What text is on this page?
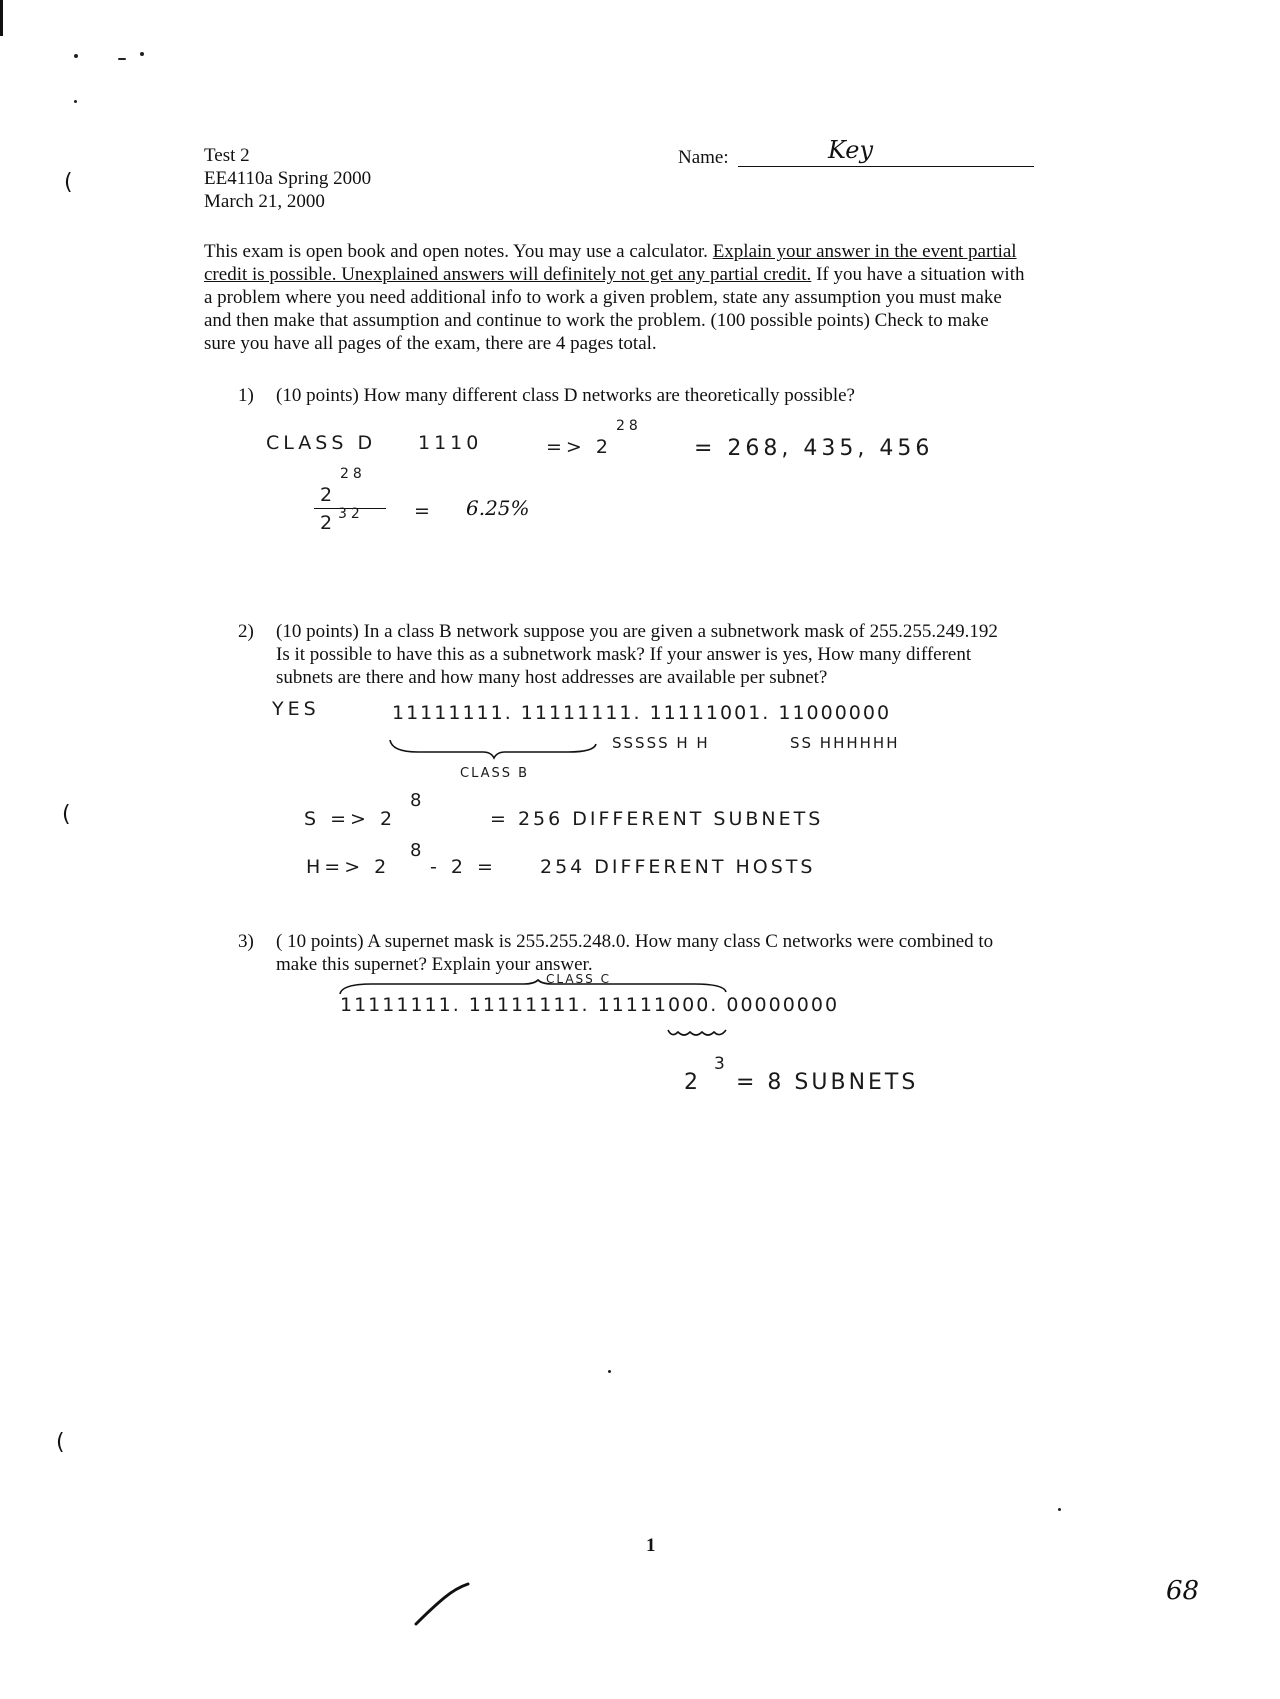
(
(
(
Test 2
EE4110a Spring 2000
March 21, 2000
Name:	Key
This exam is open book and open notes. You may use a calculator. Explain your answer in the event partial
credit is possible. Unexplained answers will definitely not get any partial credit. If you have a situation with
a problem where you need additional info to work a given problem, state any assumption you must make
and then make that assumption and continue to work the problem. (100 possible points) Check to make
sure you have all pages of the exam, there are 4 pages total.
1) (10 points) How many different class D networks are theoretically possible?
CLASS D 1110	=> 2
28
= 268, 435, 456
28
2
2 32	= 6.25%
2) (10 points) In a class B network suppose you are given a subnetwork mask of 255.255.249.192
Is it possible to have this as a subnetwork mask? If your answer is yes, How many different
subnets are there and how many host addresses are available per subnet?
YES	11111111. 11111111. 11111001. 11000000
SSSSS H H	SS HHHHHH
CLASS B
S => 2
8
= 256 DIFFERENT SUBNETS
H=> 2
8
- 2 = 254 DIFFERENT HOSTS
3) ( 10 points) A supernet mask is 255.255.248.0. How many class C networks were combined to
make this supernet? Explain your answer.
CLASS C
11111111. 11111111. 11111000. 00000000
2
3
= 8 SUBNETS
1
68
